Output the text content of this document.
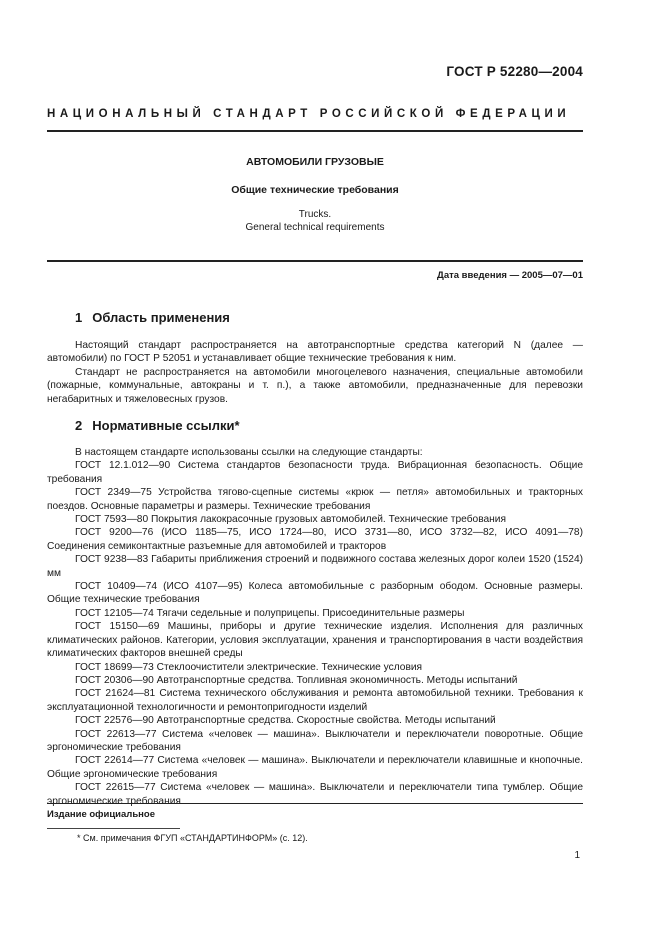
ГОСТ Р 52280—2004
НАЦИОНАЛЬНЫЙ СТАНДАРТ РОССИЙСКОЙ ФЕДЕРАЦИИ
АВТОМОБИЛИ ГРУЗОВЫЕ
Общие технические требования
Trucks.
General technical requirements
Дата введения — 2005—07—01
1 Область применения

Настоящий стандарт распространяется на автотранспортные средства категорий N (далее — автомобили) по ГОСТ Р 52051 и устанавливает общие технические требования к ним.

Стандарт не распространяется на автомобили многоцелевого назначения, специальные автомобили (пожарные, коммунальные, автокраны и т. п.), а также автомобили, предназначенные для перевозки негабаритных и тяжеловесных грузов.

2 Нормативные ссылки*

В настоящем стандарте использованы ссылки на следующие стандарты:

ГОСТ 12.1.012—90 Система стандартов безопасности труда. Вибрационная безопасность. Общие требования

ГОСТ 2349—75 Устройства тягово-сцепные системы «крюк — петля» автомобильных и тракторных поездов. Основные параметры и размеры. Технические требования

ГОСТ 7593—80 Покрытия лакокрасочные грузовых автомобилей. Технические требования

ГОСТ 9200—76 (ИСО 1185—75, ИСО 1724—80, ИСО 3731—80, ИСО 3732—82, ИСО 4091—78) Соединения семиконтактные разъемные для автомобилей и тракторов

ГОСТ 9238—83 Габариты приближения строений и подвижного состава железных дорог колеи 1520 (1524) мм

ГОСТ 10409—74 (ИСО 4107—95) Колеса автомобильные с разборным ободом. Основные размеры. Общие технические требования

ГОСТ 12105—74 Тягачи седельные и полуприцепы. Присоединительные размеры

ГОСТ 15150—69 Машины, приборы и другие технические изделия. Исполнения для различных климатических районов. Категории, условия эксплуатации, хранения и транспортирования в части воздействия климатических факторов внешней среды

ГОСТ 18699—73 Стеклоочистители электрические. Технические условия

ГОСТ 20306—90 Автотранспортные средства. Топливная экономичность. Методы испытаний

ГОСТ 21624—81 Система технического обслуживания и ремонта автомобильной техники. Требования к эксплуатационной технологичности и ремонтопригодности изделий

ГОСТ 22576—90 Автотранспортные средства. Скоростные свойства. Методы испытаний

ГОСТ 22613—77 Система «человек — машина». Выключатели и переключатели поворотные. Общие эргономические требования

ГОСТ 22614—77 Система «человек — машина». Выключатели и переключатели клавишные и кнопочные. Общие эргономические требования

ГОСТ 22615—77 Система «человек — машина». Выключатели и переключатели типа тумблер. Общие эргономические требования

Издание официальное
* См. примечания ФГУП «СТАНДАРТИНФОРМ» (с. 12).
1
